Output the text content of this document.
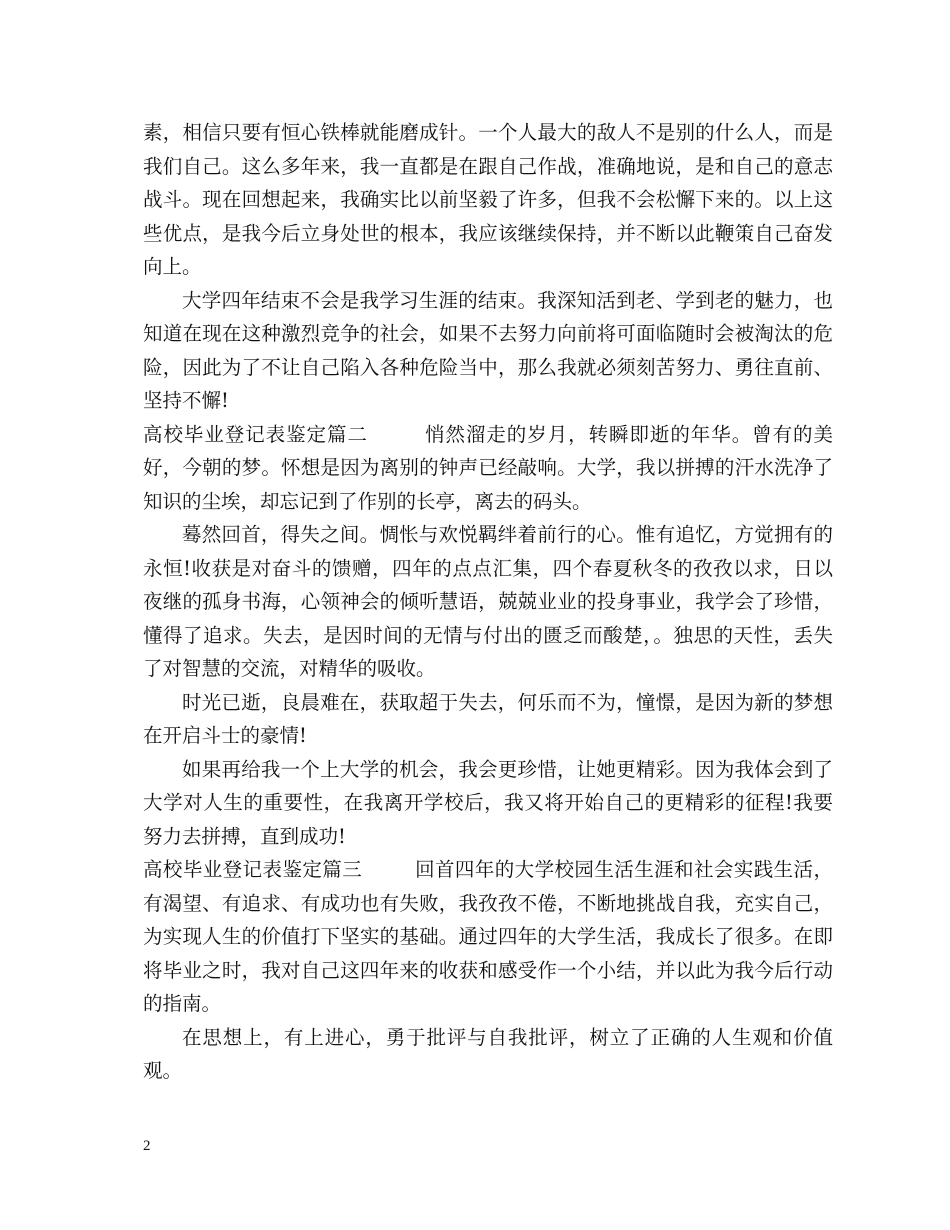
素，相信只要有恒心铁棒就能磨成针。一个人最大的敌人不是别的什么人，而是我们自己。这么多年来，我一直都是在跟自己作战，准确地说，是和自己的意志战斗。现在回想起来，我确实比以前坚毅了许多，但我不会松懈下来的。以上这些优点，是我今后立身处世的根本，我应该继续保持，并不断以此鞭策自己奋发向上。

大学四年结束不会是我学习生涯的结束。我深知活到老、学到老的魅力，也知道在现在这种激烈竞争的社会，如果不去努力向前将可面临随时会被淘汰的危险，因此为了不让自己陷入各种危险当中，那么我就必须刻苦努力、勇往直前、坚持不懈!

高校毕业登记表鉴定篇二	悄然溜走的岁月，转瞬即逝的年华。曾有的美好，今朝的梦。怀想是因为离别的钟声已经敲响。大学，我以拼搏的汗水洗净了知识的尘埃，却忘记到了作别的长亭，离去的码头。

蓦然回首，得失之间。惆怅与欢悦羁绊着前行的心。惟有追忆，方觉拥有的永恒!收获是对奋斗的馈赠，四年的点点汇集，四个春夏秋冬的孜孜以求，日以夜继的孤身书海，心领神会的倾听慧语，兢兢业业的投身事业，我学会了珍惜，懂得了追求。失去，是因时间的无情与付出的匮乏而酸楚，。独思的天性，丢失了对智慧的交流，对精华的吸收。

时光已逝，良晨难在，获取超于失去，何乐而不为，憧憬，是因为新的梦想在开启斗士的豪情!

如果再给我一个上大学的机会，我会更珍惜，让她更精彩。因为我体会到了大学对人生的重要性，在我离开学校后，我又将开始自己的更精彩的征程!我要努力去拼搏，直到成功!

高校毕业登记表鉴定篇三	回首四年的大学校园生活生涯和社会实践生活，有渴望、有追求、有成功也有失败，我孜孜不倦，不断地挑战自我，充实自己，为实现人生的价值打下坚实的基础。通过四年的大学生活，我成长了很多。在即将毕业之时，我对自己这四年来的收获和感受作一个小结，并以此为我今后行动的指南。

在思想上，有上进心，勇于批评与自我批评，树立了正确的人生观和价值观。

2
